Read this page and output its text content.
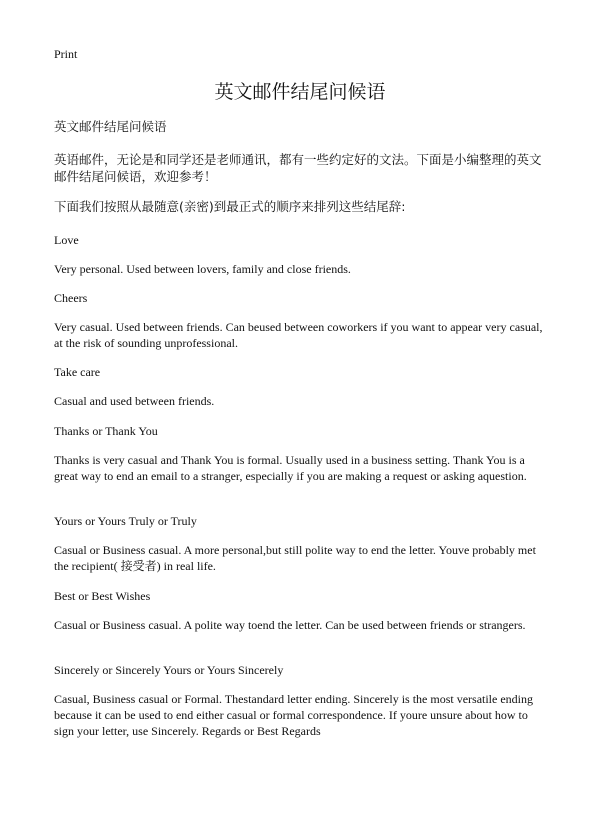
Print
英文邮件结尾问候语

英文邮件结尾问候语

英语邮件，无论是和同学还是老师通讯，都有一些约定好的文法。下面是小编整理的英文邮件结尾问候语，欢迎参考！

下面我们按照从最随意(亲密)到最正式的顺序来排列这些结尾辞:

Love

Very personal. Used between lovers, family and close friends.

Cheers

Very casual. Used between friends. Can beused between coworkers if you want to appear very casual, at the risk of sounding unprofessional.

Take care

Casual and used between friends.

Thanks or Thank You

Thanks is very casual and Thank You is formal. Usually used in a business setting. Thank You is a great way to end an email to a stranger, especially if you are making a request or asking aquestion.

Yours or Yours Truly or Truly

Casual or Business casual. A more personal,but still polite way to end the letter. Youve probably met the recipient( 接受者) in real life.

Best or Best Wishes

Casual or Business casual. A polite way toend the letter. Can be used between friends or strangers.

Sincerely or Sincerely Yours or Yours Sincerely

Casual, Business casual or Formal. Thestandard letter ending. Sincerely is the most versatile ending because it can be used to end either casual or formal correspondence. If youre unsure about how to sign your letter, use Sincerely. Regards or Best Regards
